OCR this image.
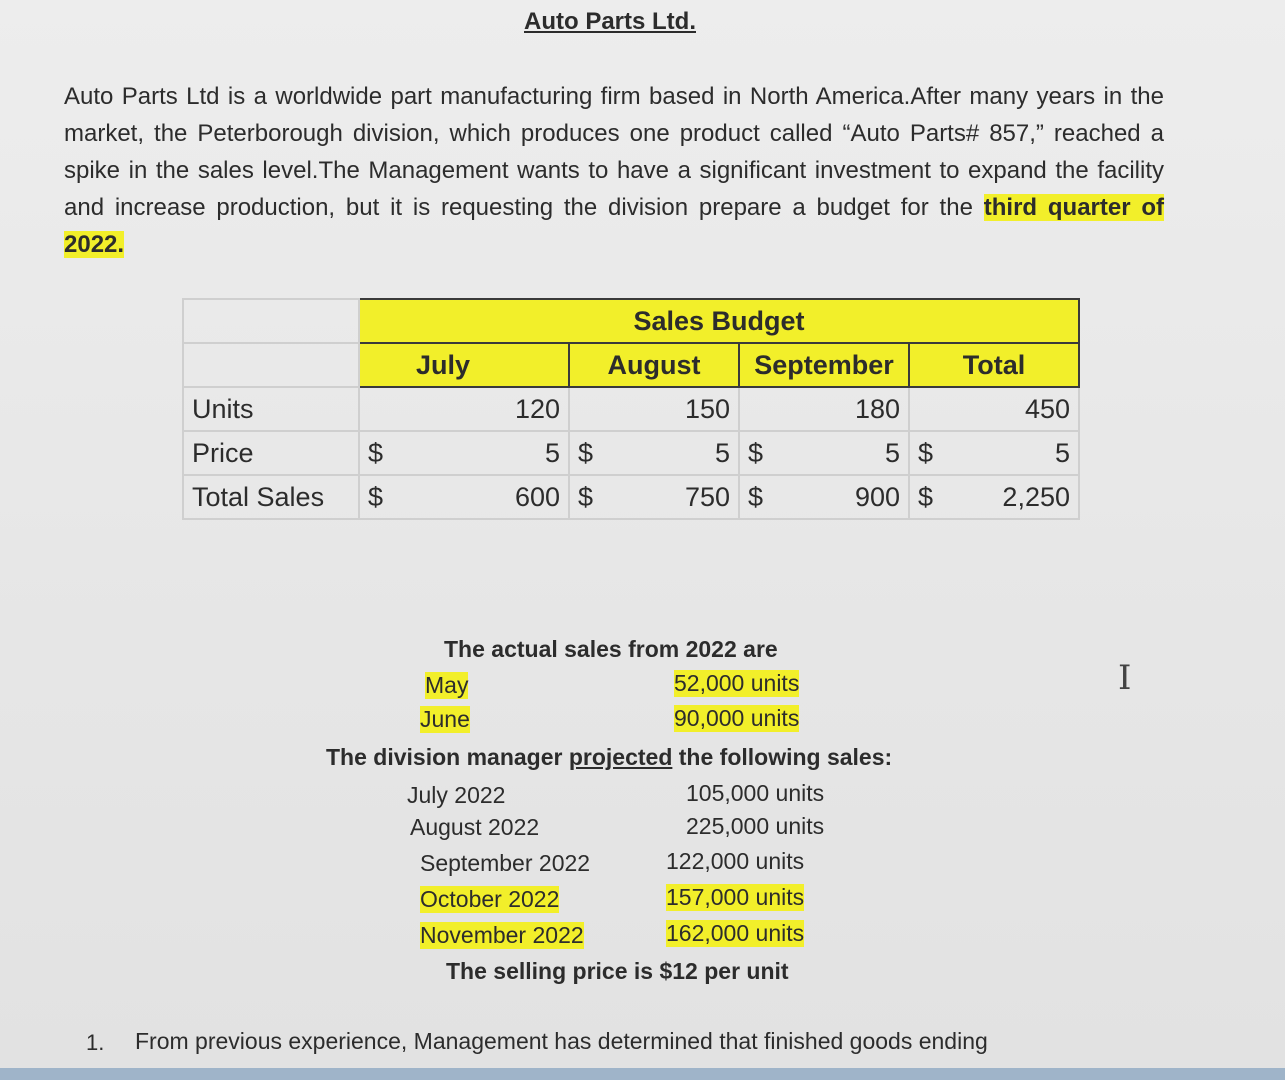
Auto Parts Ltd.

Auto Parts Ltd is a worldwide part manufacturing firm based in North America.After many years in the market, the Peterborough division, which produces one product called “Auto Parts# 857,” reached a spike in the sales level.The Management wants to have a significant investment to expand the facility and increase production, but it is requesting the division prepare a budget for the third quarter of 2022.

	Sales Budget			
	July	August	September	Total
Units	120	150	180	450
Price	$ 5	$ 5	$ 5	$ 5

Total Sales	$ 600	$ 750	$ 900	$ 2,250
The actual sales from 2022 are
May	52,000 units
June	90,000 units
The division manager projected the following sales:
July 2022	105,000 units
August 2022	225,000 units
September 2022	122,000 units
October 2022	157,000 units
November 2022	162,000 units
The selling price is $12 per unit
1. From previous experience, Management has determined that finished goods ending
I
